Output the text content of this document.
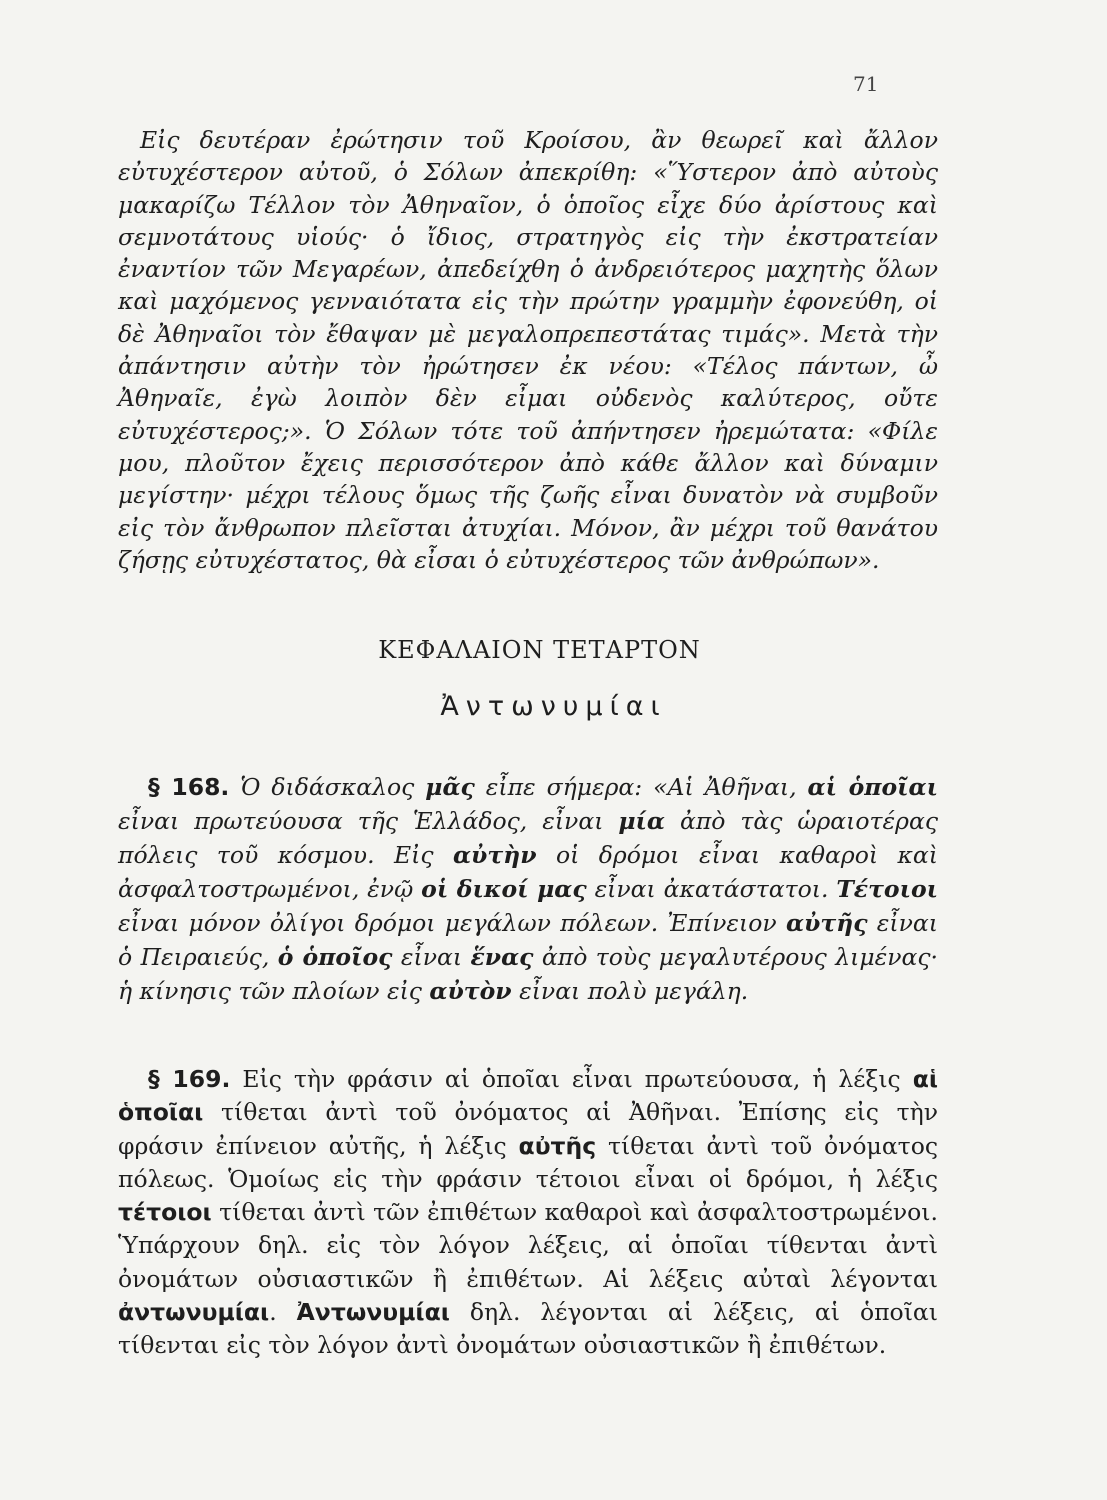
71

Εἰς δευτέραν ἐρώτησιν τοῦ Κροίσου, ἂν θεωρεῖ καὶ ἄλλον εὐτυχέστερον αὐτοῦ, ὁ Σόλων ἀπεκρίθη: «Ὕστερον ἀπὸ αὐτοὺς μακαρίζω Τέλλον τὸν Ἀθηναῖον, ὁ ὁποῖος εἶχε δύο ἀρίστους καὶ σεμνοτάτους υἱούς· ὁ ἴδιος, στρατηγὸς εἰς τὴν ἐκστρατείαν ἐναντίον τῶν Μεγαρέων, ἀπεδείχθη ὁ ἀνδρειότερος μαχητὴς ὅλων καὶ μαχόμενος γενναιότατα εἰς τὴν πρώτην γραμμὴν ἐφονεύθη, οἱ δὲ Ἀθηναῖοι τὸν ἔθαψαν μὲ μεγαλοπρεπεστάτας τιμάς». Μετὰ τὴν ἀπάντησιν αὐτὴν τὸν ἠρώτησεν ἐκ νέου: «Τέλος πάντων, ὦ Ἀθηναῖε, ἐγὼ λοιπὸν δὲν εἶμαι οὐδενὸς καλύτερος, οὔτε εὐτυχέστερος;». Ὁ Σόλων τότε τοῦ ἀπήντησεν ἠρεμώτατα: «Φίλε μου, πλοῦτον ἔχεις περισσότερον ἀπὸ κάθε ἄλλον καὶ δύναμιν μεγίστην· μέχρι τέλους ὅμως τῆς ζωῆς εἶναι δυνατὸν νὰ συμβοῦν εἰς τὸν ἄνθρωπον πλεῖσται ἀτυχίαι. Μόνον, ἂν μέχρι τοῦ θανάτου ζήσῃς εὐτυχέστατος, θὰ εἶσαι ὁ εὐτυχέστερος τῶν ἀνθρώπων».

ΚΕΦΑΛΑΙΟΝ ΤΕΤΑΡΤΟΝ
Ἀντωνυμίαι

§ 168. Ὁ διδάσκαλος μᾶς εἶπε σήμερα: «Αἱ Ἀθῆναι, αἱ ὁποῖαι εἶναι πρωτεύουσα τῆς Ἑλλάδος, εἶναι μία ἀπὸ τὰς ὡραιοτέρας πόλεις τοῦ κόσμου. Εἰς αὐτὴν οἱ δρόμοι εἶναι καθαροὶ καὶ ἀσφαλτοστρωμένοι, ἐνῷ οἱ δικοί μας εἶναι ἀκατάστατοι. Τέτοιοι εἶναι μόνον ὀλίγοι δρόμοι μεγάλων πόλεων. Ἐπίνειον αὐτῆς εἶναι ὁ Πειραιεύς, ὁ ὁποῖος εἶναι ἕνας ἀπὸ τοὺς μεγαλυτέρους λιμένας· ἡ κίνησις τῶν πλοίων εἰς αὐτὸν εἶναι πολὺ μεγάλη.

§ 169. Εἰς τὴν φράσιν αἱ ὁποῖαι εἶναι πρωτεύουσα, ἡ λέξις αἱ ὁποῖαι τίθεται ἀντὶ τοῦ ὀνόματος αἱ Ἀθῆναι. Ἐπίσης εἰς τὴν φράσιν ἐπίνειον αὐτῆς, ἡ λέξις αὐτῆς τίθεται ἀντὶ τοῦ ὀνόματος πόλεως. Ὁμοίως εἰς τὴν φράσιν τέτοιοι εἶναι οἱ δρόμοι, ἡ λέξις τέτοιοι τίθεται ἀντὶ τῶν ἐπιθέτων καθαροὶ καὶ ἀσφαλτοστρωμένοι. Ὑπάρχουν δηλ. εἰς τὸν λόγον λέξεις, αἱ ὁποῖαι τίθενται ἀντὶ ὀνομάτων οὐσιαστικῶν ἢ ἐπιθέτων. Αἱ λέξεις αὐταὶ λέγονται ἀντωνυμίαι. Ἀντωνυμίαι δηλ. λέγονται αἱ λέξεις, αἱ ὁποῖαι τίθενται εἰς τὸν λόγον ἀντὶ ὀνομάτων οὐσιαστικῶν ἢ ἐπιθέτων.
